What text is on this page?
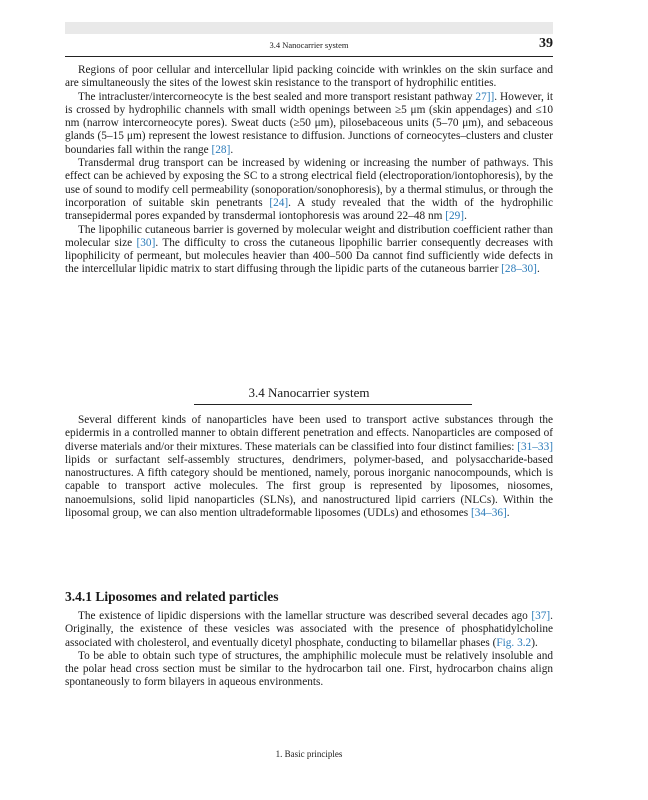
3.4 Nanocarrier system	39

Regions of poor cellular and intercellular lipid packing coincide with wrinkles on the skin surface and are simultaneously the sites of the lowest skin resistance to the transport of hydrophilic entities.

The intracluster/intercorneocyte is the best sealed and more transport resistant pathway 27]]. However, it is crossed by hydrophilic channels with small width openings between ≥5 μm (skin appendages) and ≤10 nm (narrow intercorneocyte pores). Sweat ducts (≥50 μm), pilosebaceous units (5–70 μm), and sebaceous glands (5–15 μm) represent the lowest resistance to diffusion. Junctions of corneocytes–clusters and cluster boundaries fall within the range [28].

Transdermal drug transport can be increased by widening or increasing the number of pathways. This effect can be achieved by exposing the SC to a strong electrical field (electroporation/iontophoresis), by the use of sound to modify cell permeability (sonoporation/sonophoresis), by a thermal stimulus, or through the incorporation of suitable skin penetrants [24]. A study revealed that the width of the hydrophilic transepidermal pores expanded by transdermal iontophoresis was around 22–48 nm [29].

The lipophilic cutaneous barrier is governed by molecular weight and distribution coefficient rather than molecular size [30]. The difficulty to cross the cutaneous lipophilic barrier consequently decreases with lipophilicity of permeant, but molecules heavier than 400–500 Da cannot find sufficiently wide defects in the intercellular lipidic matrix to start diffusing through the lipidic parts of the cutaneous barrier [28–30].

3.4 Nanocarrier system

Several different kinds of nanoparticles have been used to transport active substances through the epidermis in a controlled manner to obtain different penetration and effects. Nanoparticles are composed of diverse materials and/or their mixtures. These materials can be classified into four distinct families: [31–33] lipids or surfactant self-assembly structures, dendrimers, polymer-based, and polysaccharide-based nanostructures. A fifth category should be mentioned, namely, porous inorganic nanocompounds, which is capable to transport active molecules. The first group is represented by liposomes, niosomes, nanoemulsions, solid lipid nanoparticles (SLNs), and nanostructured lipid carriers (NLCs). Within the liposomal group, we can also mention ultradeformable liposomes (UDLs) and ethosomes [34–36].

3.4.1 Liposomes and related particles

The existence of lipidic dispersions with the lamellar structure was described several decades ago [37]. Originally, the existence of these vesicles was associated with the presence of phosphatidylcholine associated with cholesterol, and eventually dicetyl phosphate, conducting to bilamellar phases (Fig. 3.2).

To be able to obtain such type of structures, the amphiphilic molecule must be relatively insoluble and the polar head cross section must be similar to the hydrocarbon tail one. First, hydrocarbon chains align spontaneously to form bilayers in aqueous environments.

1. Basic principles
